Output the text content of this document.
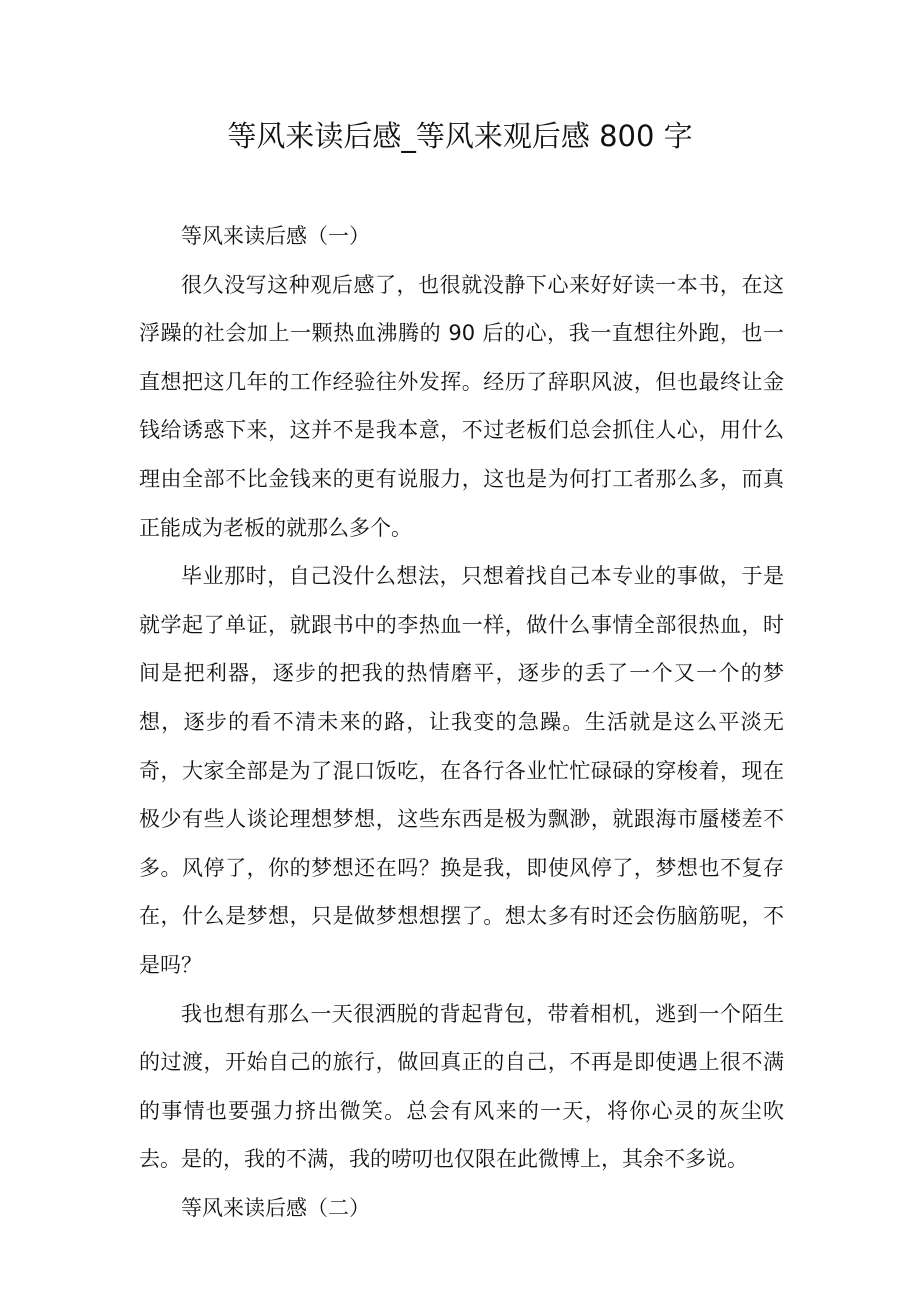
等风来读后感_等风来观后感 800 字

等风来读后感（一）

很久没写这种观后感了，也很就没静下心来好好读一本书，在这浮躁的社会加上一颗热血沸腾的 90 后的心，我一直想往外跑，也一直想把这几年的工作经验往外发挥。经历了辞职风波，但也最终让金钱给诱惑下来，这并不是我本意，不过老板们总会抓住人心，用什么理由全部不比金钱来的更有说服力，这也是为何打工者那么多，而真正能成为老板的就那么多个。

毕业那时，自己没什么想法，只想着找自己本专业的事做，于是就学起了单证，就跟书中的李热血一样，做什么事情全部很热血，时间是把利器，逐步的把我的热情磨平，逐步的丢了一个又一个的梦想，逐步的看不清未来的路，让我变的急躁。生活就是这么平淡无奇，大家全部是为了混口饭吃，在各行各业忙忙碌碌的穿梭着，现在极少有些人谈论理想梦想，这些东西是极为飘渺，就跟海市蜃楼差不多。风停了，你的梦想还在吗？换是我，即使风停了，梦想也不复存在，什么是梦想，只是做梦想想摆了。想太多有时还会伤脑筋呢，不是吗？

我也想有那么一天很洒脱的背起背包，带着相机，逃到一个陌生的过渡，开始自己的旅行，做回真正的自己，不再是即使遇上很不满的事情也要强力挤出微笑。总会有风来的一天，将你心灵的灰尘吹去。是的，我的不满，我的唠叨也仅限在此微博上，其余不多说。

等风来读后感（二）
